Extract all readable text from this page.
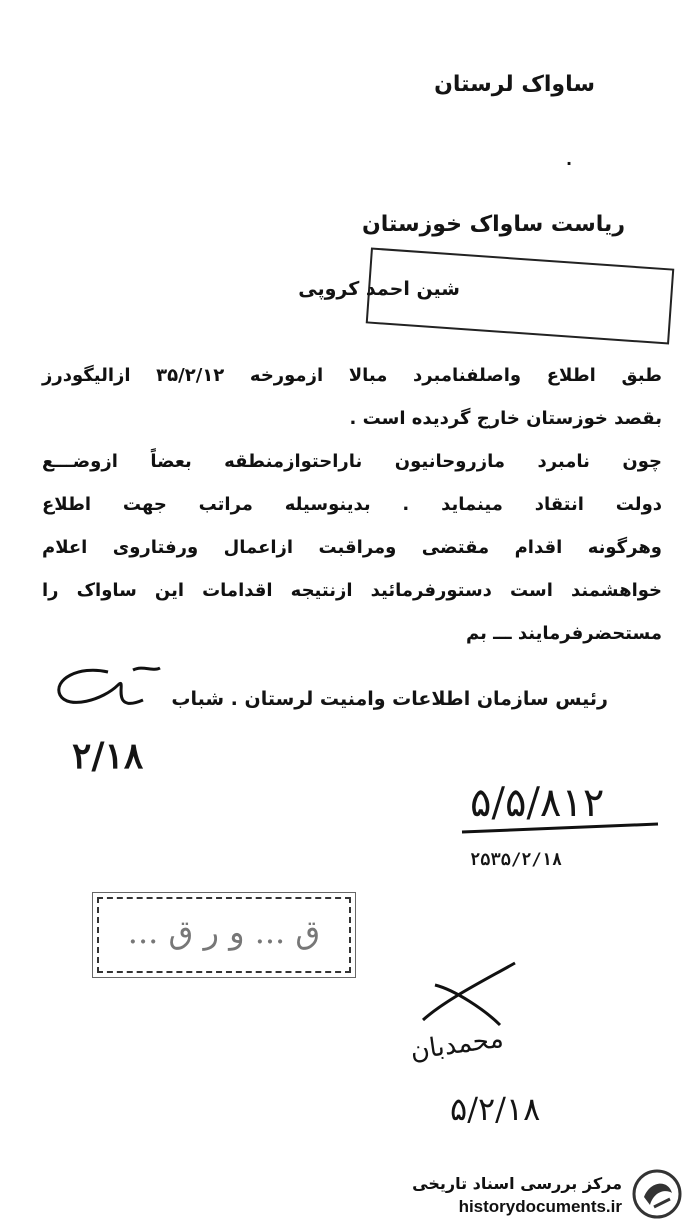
ساواک لرستان
.
ریاست ساواک خوزستان
شین احمد کروپی
طبق اطلاع واصلفنامبرد مبالا ازمورخه ۳۵/۲/۱۲ ازالیگودرز
بقصد خوزستان خارج گردیده است .
چون نامبرد مازروحانیون ناراحتوازمنطقه بعضاً ازوضـــع
دولت انتقاد مینماید . بدینوسیله مراتب جهت اطلاع
وهرگونه اقدام مقتضی ومراقبت ازاعمال ورفتاروی اعلام
خواهشمند است دستورفرمائید ازنتیجه اقدامات این ساواک را
مستحضرفرمایند ـــ بم
رئیس سازمان اطلاعات وامنیت لرستان . شباب
۲/۱۸
۵/۵/۸۱۲
۲۵۳۵/۲/۱۸
ق ... و ر ق ...
محمدبان
۵/۲/۱۸
مرکز بررسی اسناد تاریخی
historydocuments.ir
